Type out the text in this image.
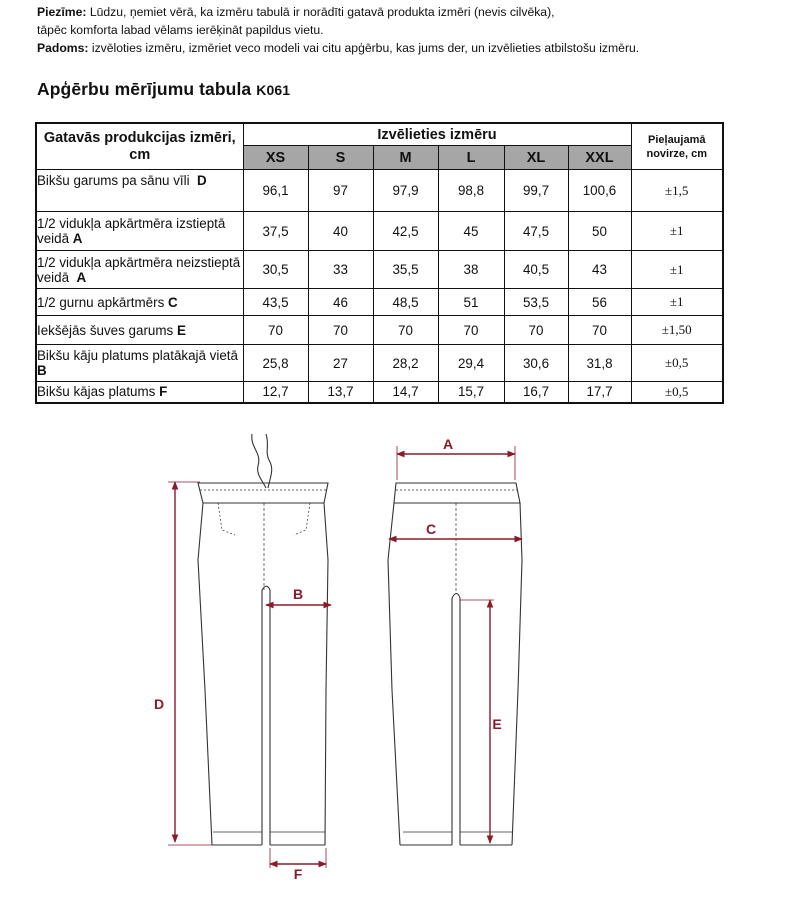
Piezīme: Lūdzu, ņemiet vērā, ka izmēru tabulā ir norādīti gatavā produkta izmēri (nevis cilvēka),
tāpēc komforta labad vēlams ierēķināt papildus vietu.
Padoms: izvēloties izmēru, izmēriet veco modeli vai citu apģērbu, kas jums der, un izvēlieties atbilstošu izmēru.
Apģērbu mērījumu tabula K061
Gatavās produkcijas izmēri, cm	Izvēlieties izmēru						Pieļaujamā novirze, cm
	XS	S	M	L	XL	XXL	
Bikšu garums pa sānu vīli D	96,1	97	97,9	98,8	99,7	100,6	±1,5
1/2 vidukļa apkārtmēra izstieptā veidā A	37,5	40	42,5	45	47,5	50	±1
1/2 vidukļa apkārtmēra neizstieptā veidā A	30,5	33	35,5	38	40,5	43	±1
1/2 gurnu apkārtmērs C	43,5	46	48,5	51	53,5	56	±1
Iekšējās šuves garums E	70	70	70	70	70	70	±1,50
Bikšu kāju platums platākajā vietā B	25,8	27	28,2	29,4	30,6	31,8	±0,5
Bikšu kājas platums F	12,7	13,7	14,7	15,7	16,7	17,7	±0,5
A
B
C
D
E
F
